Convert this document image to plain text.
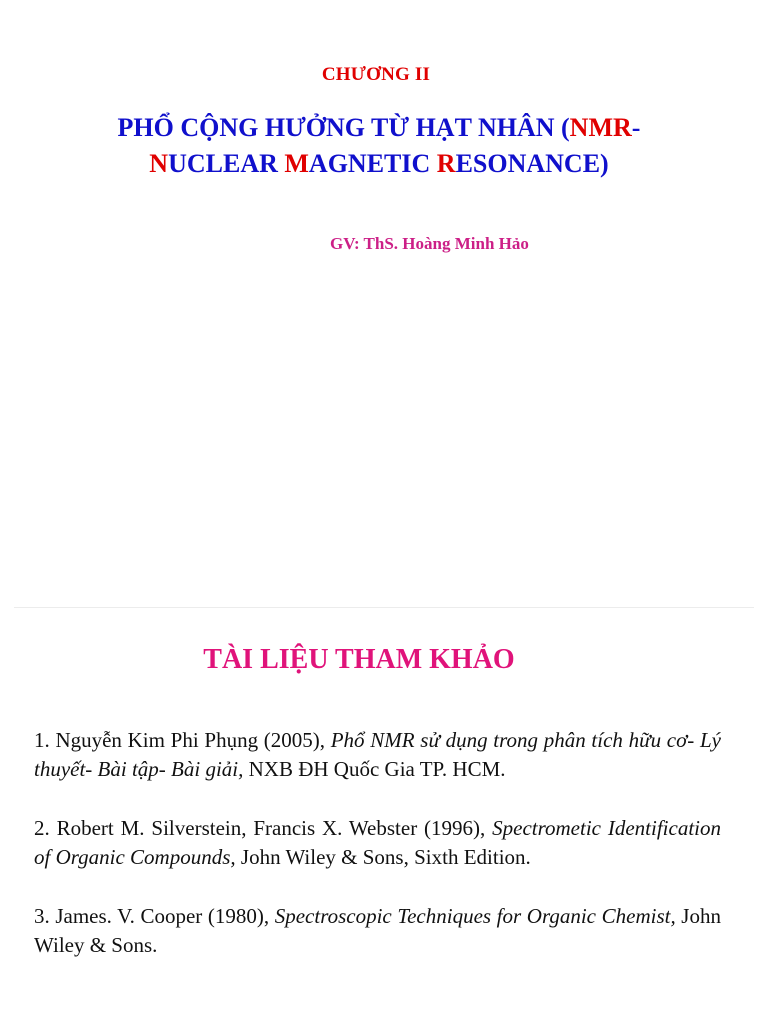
CHƯƠNG II
PHỔ CỘNG HƯỞNG TỪ HẠT NHÂN (NMR-
NUCLEAR MAGNETIC RESONANCE)
GV: ThS. Hoàng Minh Hảo
TÀI LIỆU THAM KHẢO

1. Nguyễn Kim Phi Phụng (2005), Phổ NMR sử dụng trong phân tích hữu cơ- Lý thuyết- Bài tập- Bài giải, NXB ĐH Quốc Gia TP. HCM.

2. Robert M. Silverstein, Francis X. Webster (1996), Spectrometic Identification of Organic Compounds, John Wiley & Sons, Sixth Edition.

3. James. V. Cooper (1980), Spectroscopic Techniques for Organic Chemist, John Wiley & Sons.
